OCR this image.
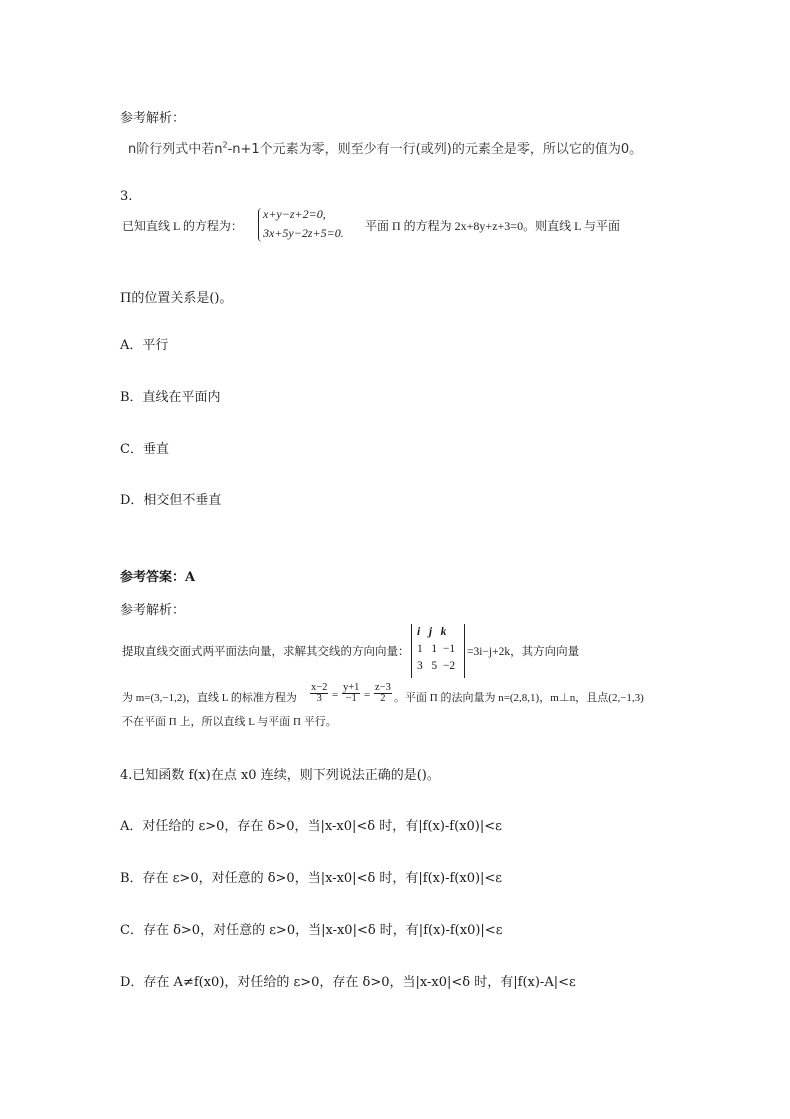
参考解析：
n阶行列式中若$n^2-n+1$个元素为零，则至少有一行(或列)的元素全是零，所以它的值为0。
3.
已知直线 L 的方程为：
x+y−z+2=0,
3x+5y−2z+5=0. 平面 Π 的方程为 2x+8y+z+3=0。则直线 L 与平面
Π的位置关系是()。
A．平行
B．直线在平面内
C．垂直
D．相交但不垂直
参考答案：A
参考解析：
提取直线交面式两平面法向量，求解其交线的方向向量：
i j k
1 1 −1
3 5 −2
=3i−j+2k，其方向向量
为 m=(3,−1,2)，直线 L 的标准方程为 $\frac{x-2}{3} = \frac{y+1}{-1} = \frac{z-3}{2}$ 。平面 Π 的法向量为 n=(2,8,1)，m⊥n，且点(2,−1,3)
不在平面 Π 上，所以直线 L 与平面 Π 平行。
4.已知函数 f(x)在点 x0 连续，则下列说法正确的是()。
A．对任给的 ε>0，存在 δ>0，当|x-x0|<δ 时，有|f(x)-f(x0)|<ε
B．存在 ε>0，对任意的 δ>0，当|x-x0|<δ 时，有|f(x)-f(x0)|<ε
C．存在 δ>0，对任意的 ε>0，当|x-x0|<δ 时，有|f(x)-f(x0)|<ε
D．存在 A≠f(x0)，对任给的 ε>0，存在 δ>0，当|x-x0|<δ 时，有|f(x)-A|<ε
